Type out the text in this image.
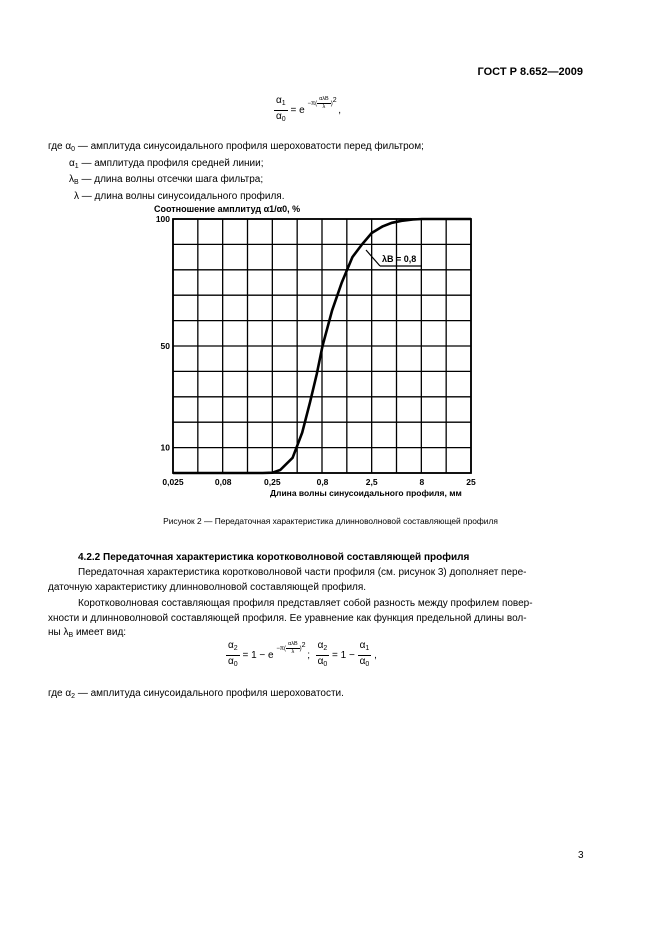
ГОСТ Р 8.652—2009
$\frac{\alpha_1}{\alpha_0} = e$ $^{-\pi( \frac{\text{αλB}}{\lambda} )^2}$ ,
где $\alpha_0$ — амплитуда синусоидального профиля шероховатости перед фильтром;
$\alpha_1$ — амплитуда профиля средней линии;
$\lambda_B$ — длина волны отсечки шага фильтра;
λ — длина волны синусоидального профиля.
Соотношение амплитуд α1/α0, %
10
50
100
0,025	0,08	0,25	0,8	2,5	8	25
λB = 0,8
Длина волны синусоидального профиля, мм
Рисунок 2 — Передаточная характеристика длинноволновой составляющей профиля
4.2.2 Передаточная характеристика коротковолновой составляющей профиля
Передаточная характеристика коротковолновой части профиля (см. рисунок 3) дополняет пере-
даточную характеристику длинноволновой составляющей профиля.
Коротковолновая составляющая профиля представляет собой разность между профилем повер-
хности и длинноволновой составляющей профиля. Ее уравнение как функция предельной длины вол-
ны $\lambda_B$ имеет вид:
$\frac{\alpha_2}{\alpha_0} = 1 - e$ $^{-\pi( \frac{\text{αλB}}{\lambda} )^2}$ ; $\frac{\alpha_2}{\alpha_0} = 1 - \frac{\alpha_1}{\alpha_0}$ ,
где $\alpha_2$ — амплитуда синусоидального профиля шероховатости.
3
